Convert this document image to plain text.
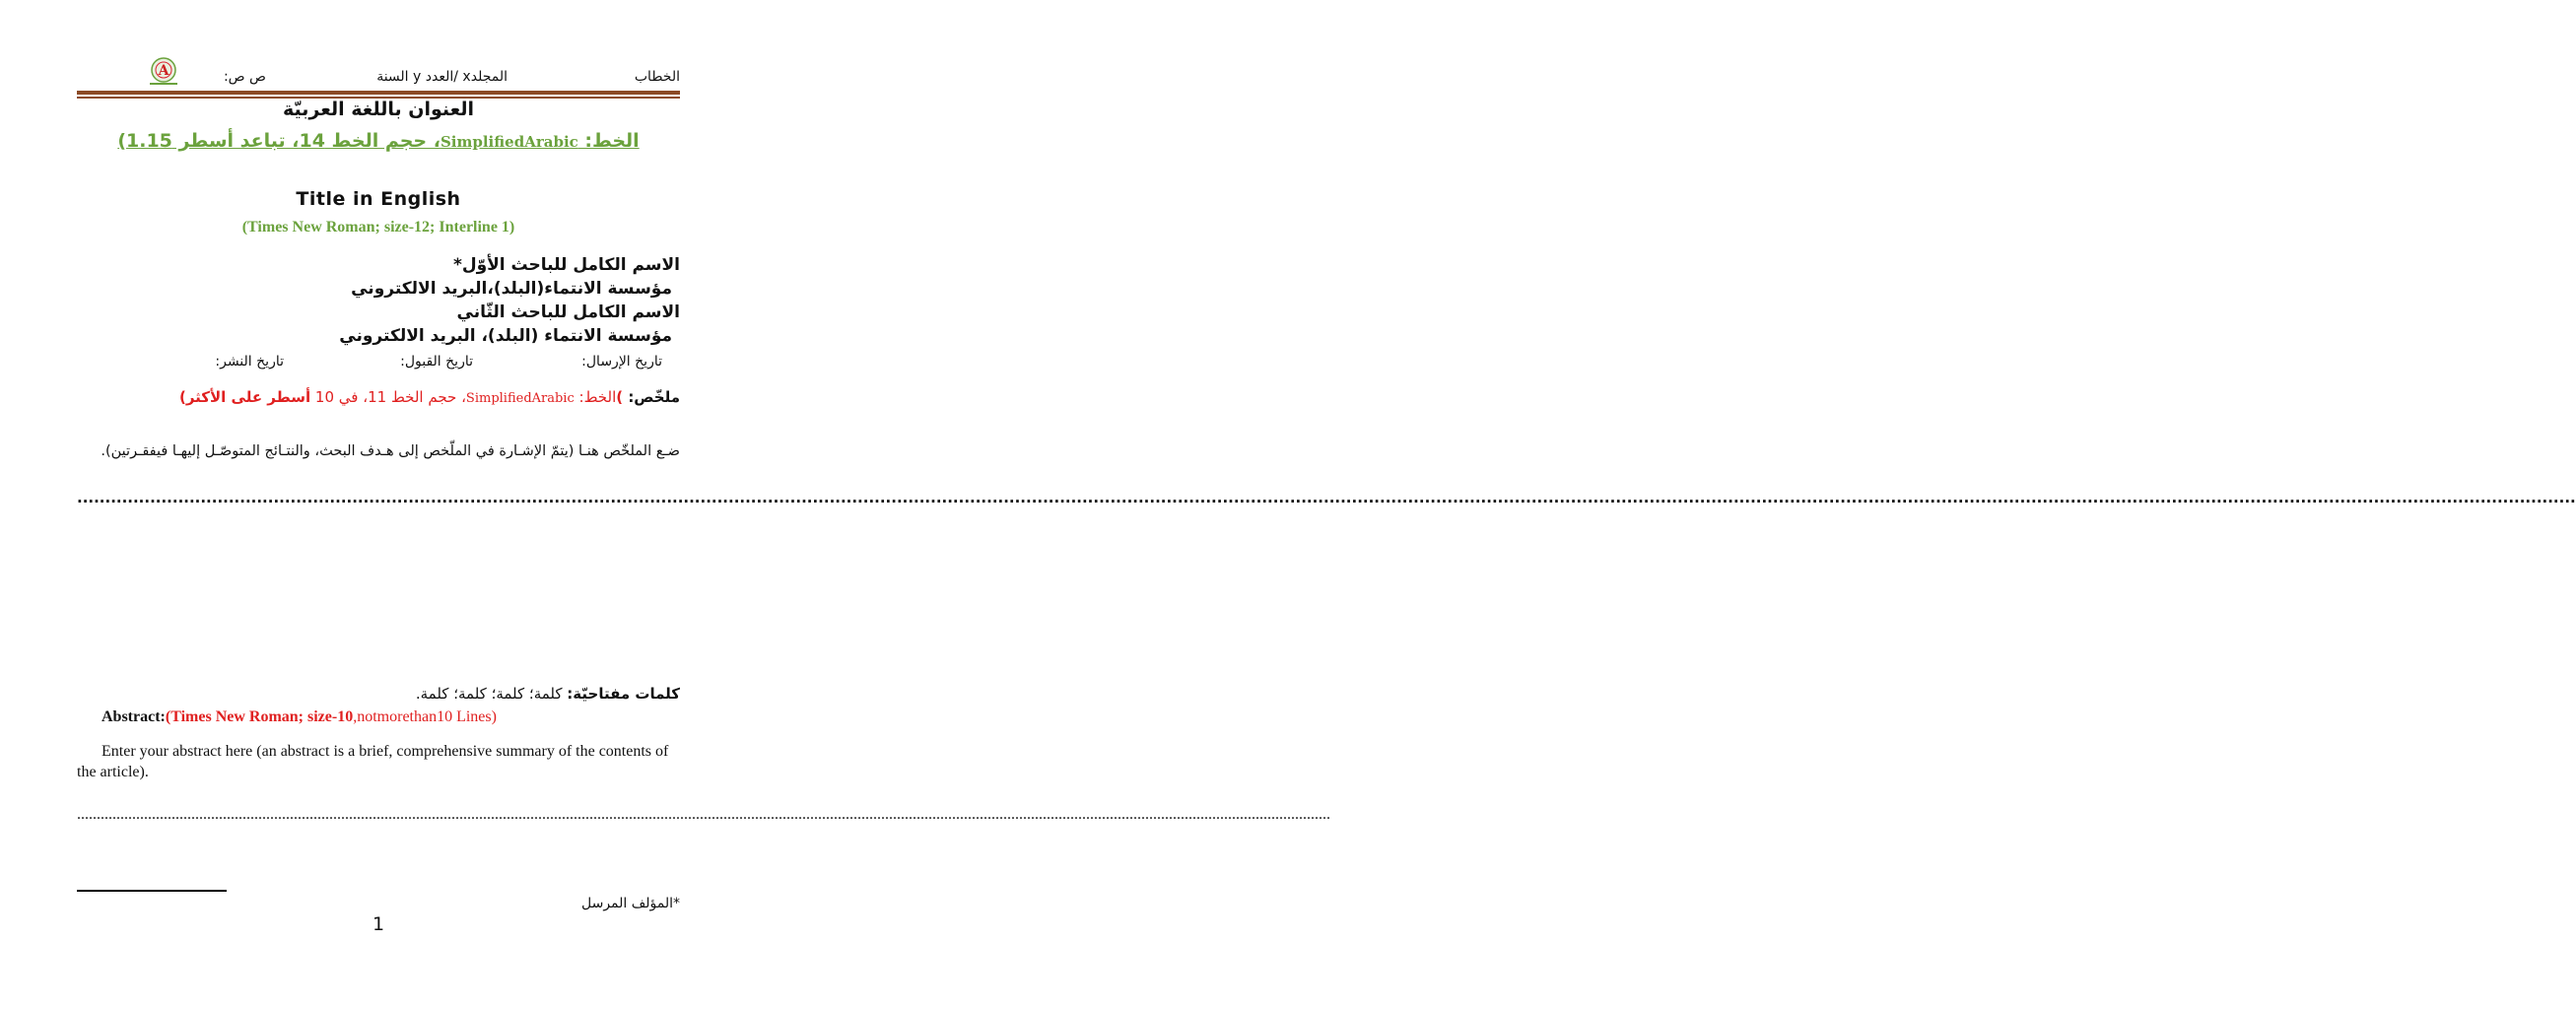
الخطاب
المجلدx /العدد y السنة
ص ص:
A
العنوان باللغة العربيّة
الخط: SimplifiedArabic، حجم الخط 14، تباعد أسطر 1.15)
Title in English
(Times New Roman; size-12; Interline 1)
الاسم الكامل للباحث الأوّل*
مؤسسة الانتماء(البلد)،البريد الالكتروني
الاسم الكامل للباحث الثّاني
مؤسسة الانتماء (البلد)، البريد الالكتروني
تاريخ الإرسال:
تاريخ القبول:
تاريخ النشر:
ملخّص: )الخط: SimplifiedArabic، حجم الخط 11، في 10 أسطر على الأكثر)
ضـع الملخّص هنـا (يتمّ الإشـارة في الملّخص إلى هـدف البحث، والنتـائج المتوصّـل إليهـا فيفقـرتين).
.............................................................................................................................................................................................................................................................................................................................................................................................................................................................
كلمات مفتاحيّة: كلمة؛ كلمة؛ كلمة؛ كلمة.
Abstract:(Times New Roman; size-10,notmorethan10 Lines)
Enter your abstract here (an abstract is a brief, comprehensive summary of the contents of the article).
..............................................................................................................................................................................................................................................................................................................................
*المؤلف المرسل
1
